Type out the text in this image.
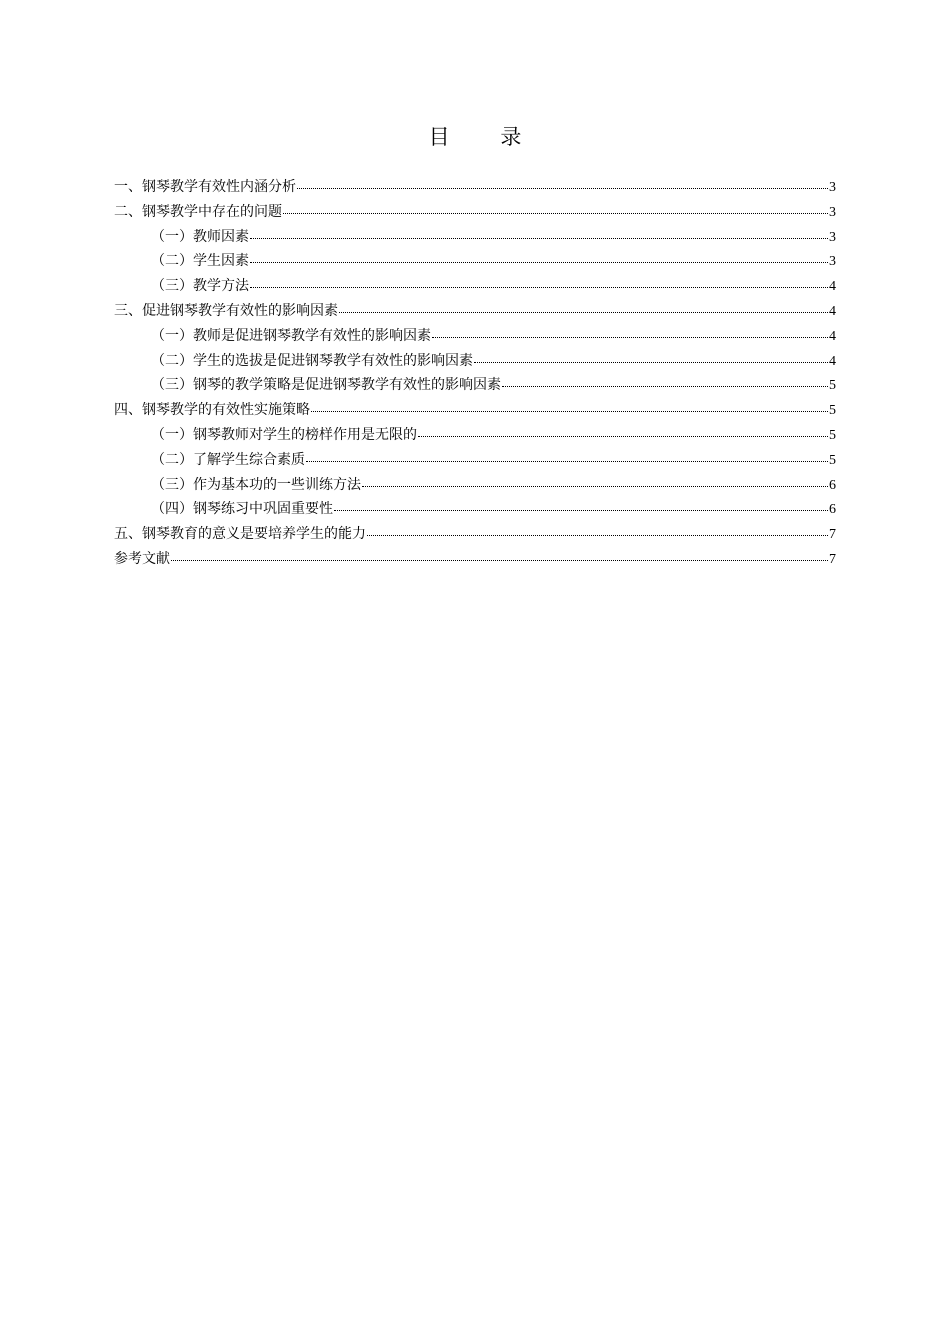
目 录
一、钢琴教学有效性内涵分析	3
二、钢琴教学中存在的问题	3
（一）教师因素	3
（二）学生因素	3
（三）教学方法	4
三、促进钢琴教学有效性的影响因素	4
（一）教师是促进钢琴教学有效性的影响因素	4
（二）学生的选拔是促进钢琴教学有效性的影响因素	4
（三）钢琴的教学策略是促进钢琴教学有效性的影响因素	5
四、钢琴教学的有效性实施策略	5
（一）钢琴教师对学生的榜样作用是无限的	5
（二）了解学生综合素质	5
（三）作为基本功的一些训练方法	6
（四）钢琴练习中巩固重要性	6
五、钢琴教育的意义是要培养学生的能力	7
参考文献	7
